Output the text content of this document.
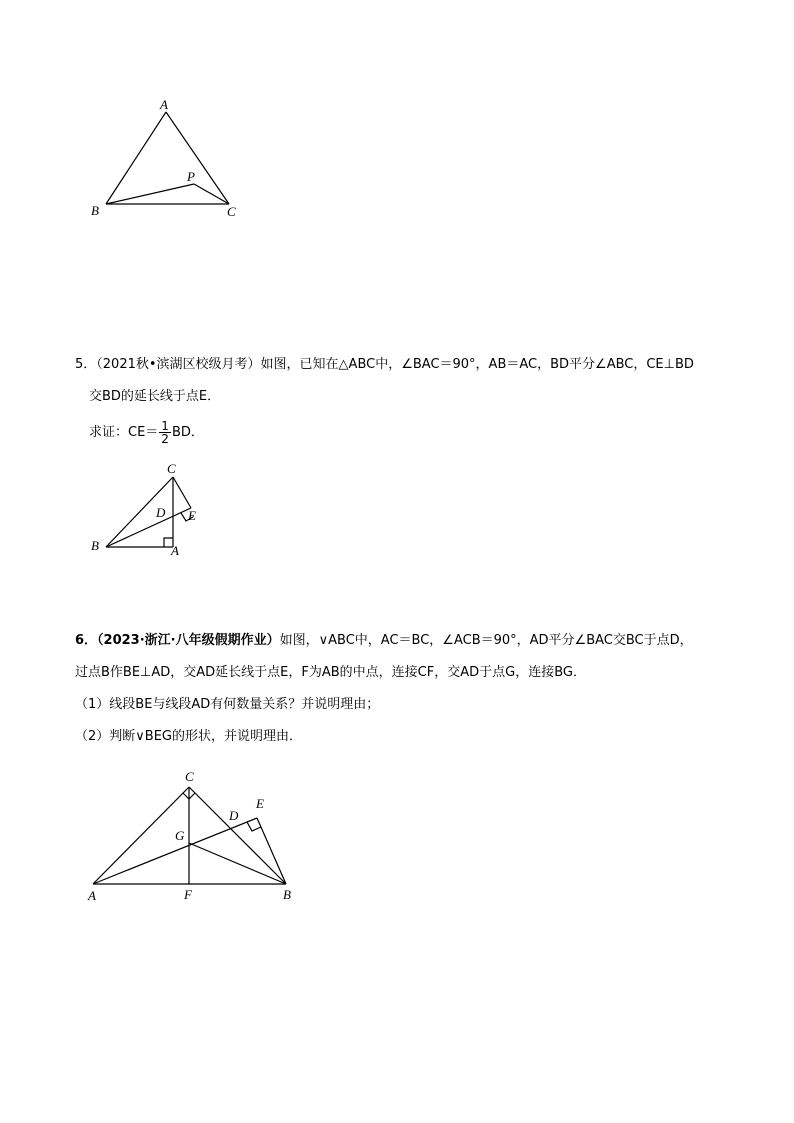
A
B	C
P
5．（2021秋•滨湖区校级月考）如图，已知在△ABC中，∠BAC＝90°，AB＝AC，BD平分∠ABC，CE⊥BD
交BD的延长线于点E．
求证：$CE= \frac{1}{2}$ BD．
C
B	A
D E
6．（2023·浙江·八年级假期作业）如图，∨ABC中，AC＝BC，∠ACB＝90°，AD平分∠BAC交BC于点D，
过点B作BE⊥AD，交AD延长线于点E，F为AB的中点，连接CF，交AD于点G，连接BG．
（1）线段BE与线段AD有何数量关系？并说明理由；
（2）判断∨BEG的形状，并说明理由．
C
A	B
F
G
D
E
